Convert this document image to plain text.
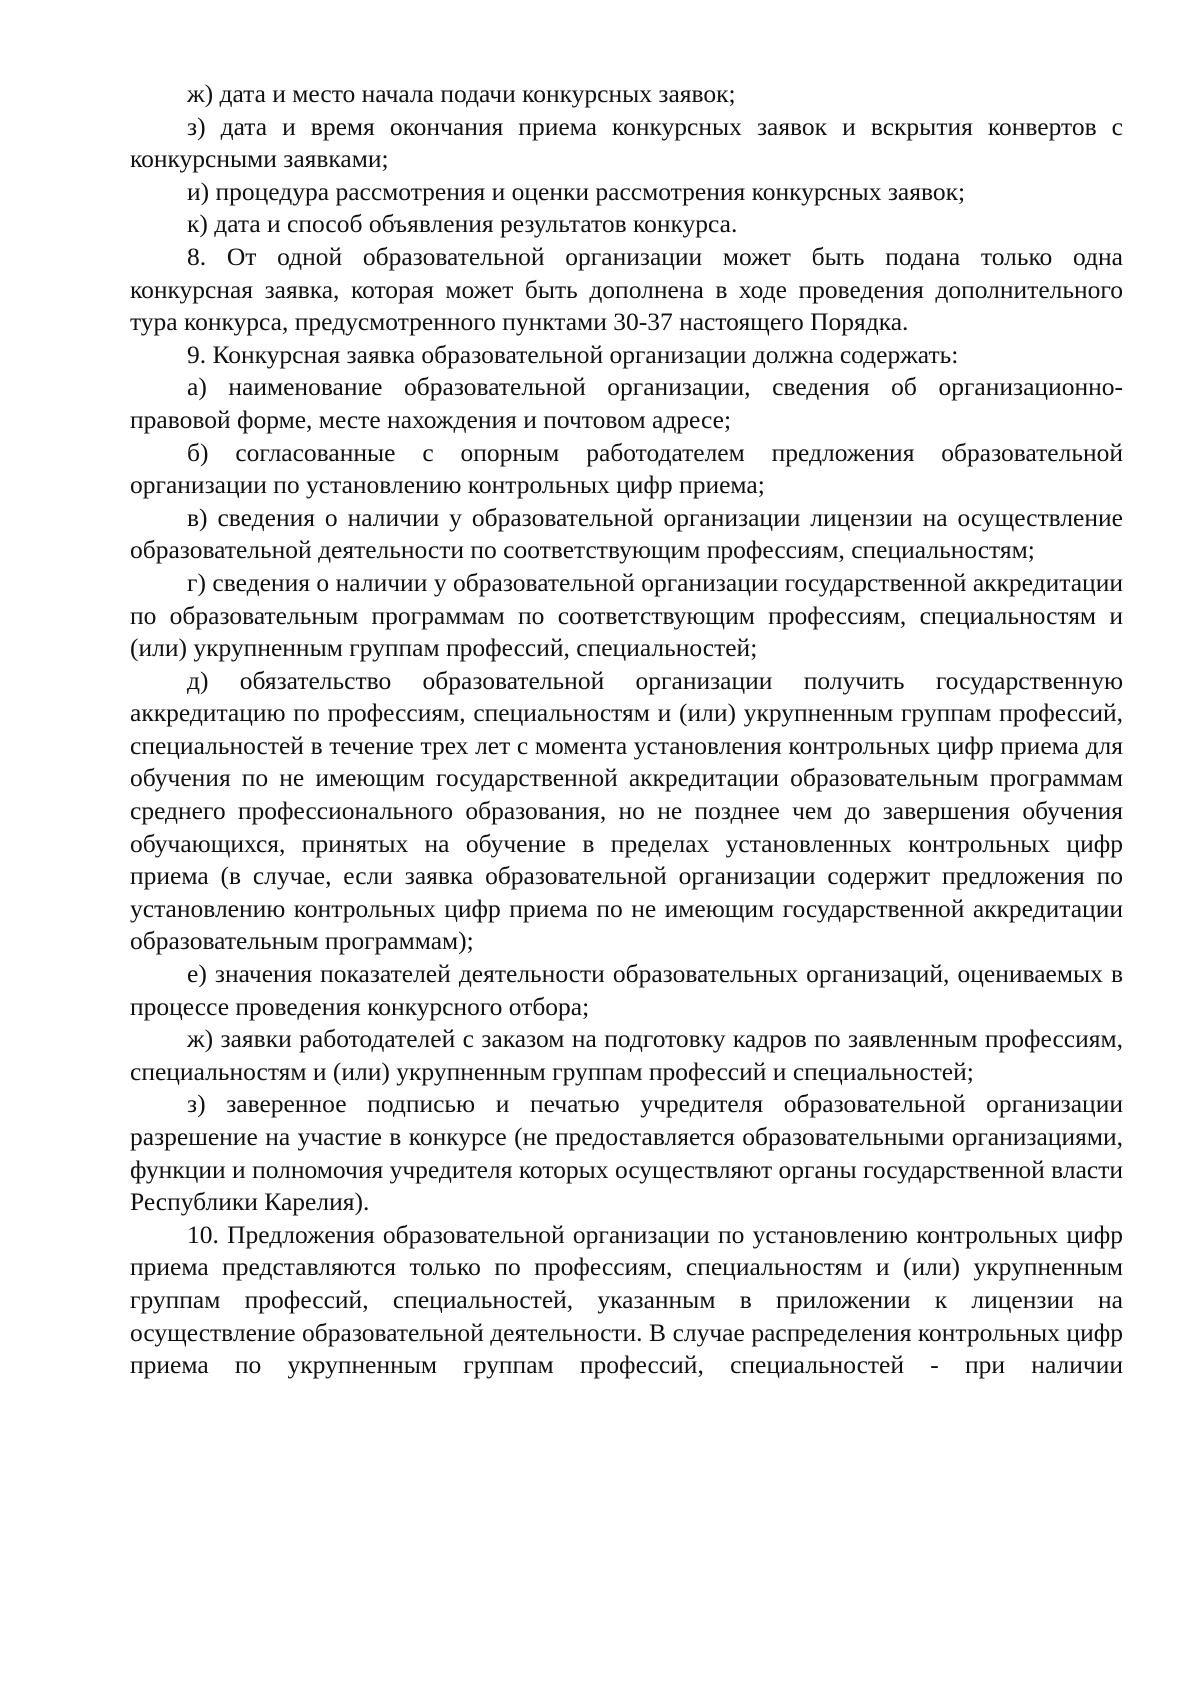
ж) дата и место начала подачи конкурсных заявок;

з) дата и время окончания приема конкурсных заявок и вскрытия конвертов с конкурсными заявками;

и) процедура рассмотрения и оценки рассмотрения конкурсных заявок;

к) дата и способ объявления результатов конкурса.

8. От одной образовательной организации может быть подана только одна конкурсная заявка, которая может быть дополнена в ходе проведения дополнительного тура конкурса, предусмотренного пунктами 30-37 настоящего Порядка.

9. Конкурсная заявка образовательной организации должна содержать:

а) наименование образовательной организации, сведения об организационно-правовой форме, месте нахождения и почтовом адресе;

б) согласованные с опорным работодателем предложения образовательной организации по установлению контрольных цифр приема;

в) сведения о наличии у образовательной организации лицензии на осуществление образовательной деятельности по соответствующим профессиям, специальностям;

г) сведения о наличии у образовательной организации государственной аккредитации по образовательным программам по соответствующим профессиям, специальностям и (или) укрупненным группам профессий, специальностей;

д) обязательство образовательной организации получить государственную аккредитацию по профессиям, специальностям и (или) укрупненным группам профессий, специальностей в течение трех лет с момента установления контрольных цифр приема для обучения по не имеющим государственной аккредитации образовательным программам среднего профессионального образования, но не позднее чем до завершения обучения обучающихся, принятых на обучение в пределах установленных контрольных цифр приема (в случае, если заявка образовательной организации содержит предложения по установлению контрольных цифр приема по не имеющим государственной аккредитации образовательным программам);

е) значения показателей деятельности образовательных организаций, оцениваемых в процессе проведения конкурсного отбора;

ж) заявки работодателей с заказом на подготовку кадров по заявленным профессиям, специальностям и (или) укрупненным группам профессий и специальностей;

з) заверенное подписью и печатью учредителя образовательной организации разрешение на участие в конкурсе (не предоставляется образовательными организациями, функции и полномочия учредителя которых осуществляют органы государственной власти Республики Карелия).

10. Предложения образовательной организации по установлению контрольных цифр приема представляются только по профессиям, специальностям и (или) укрупненным группам профессий, специальностей, указанным в приложении к лицензии на осуществление образовательной деятельности. В случае распределения контрольных цифр приема по укрупненным группам профессий, специальностей - при наличии
